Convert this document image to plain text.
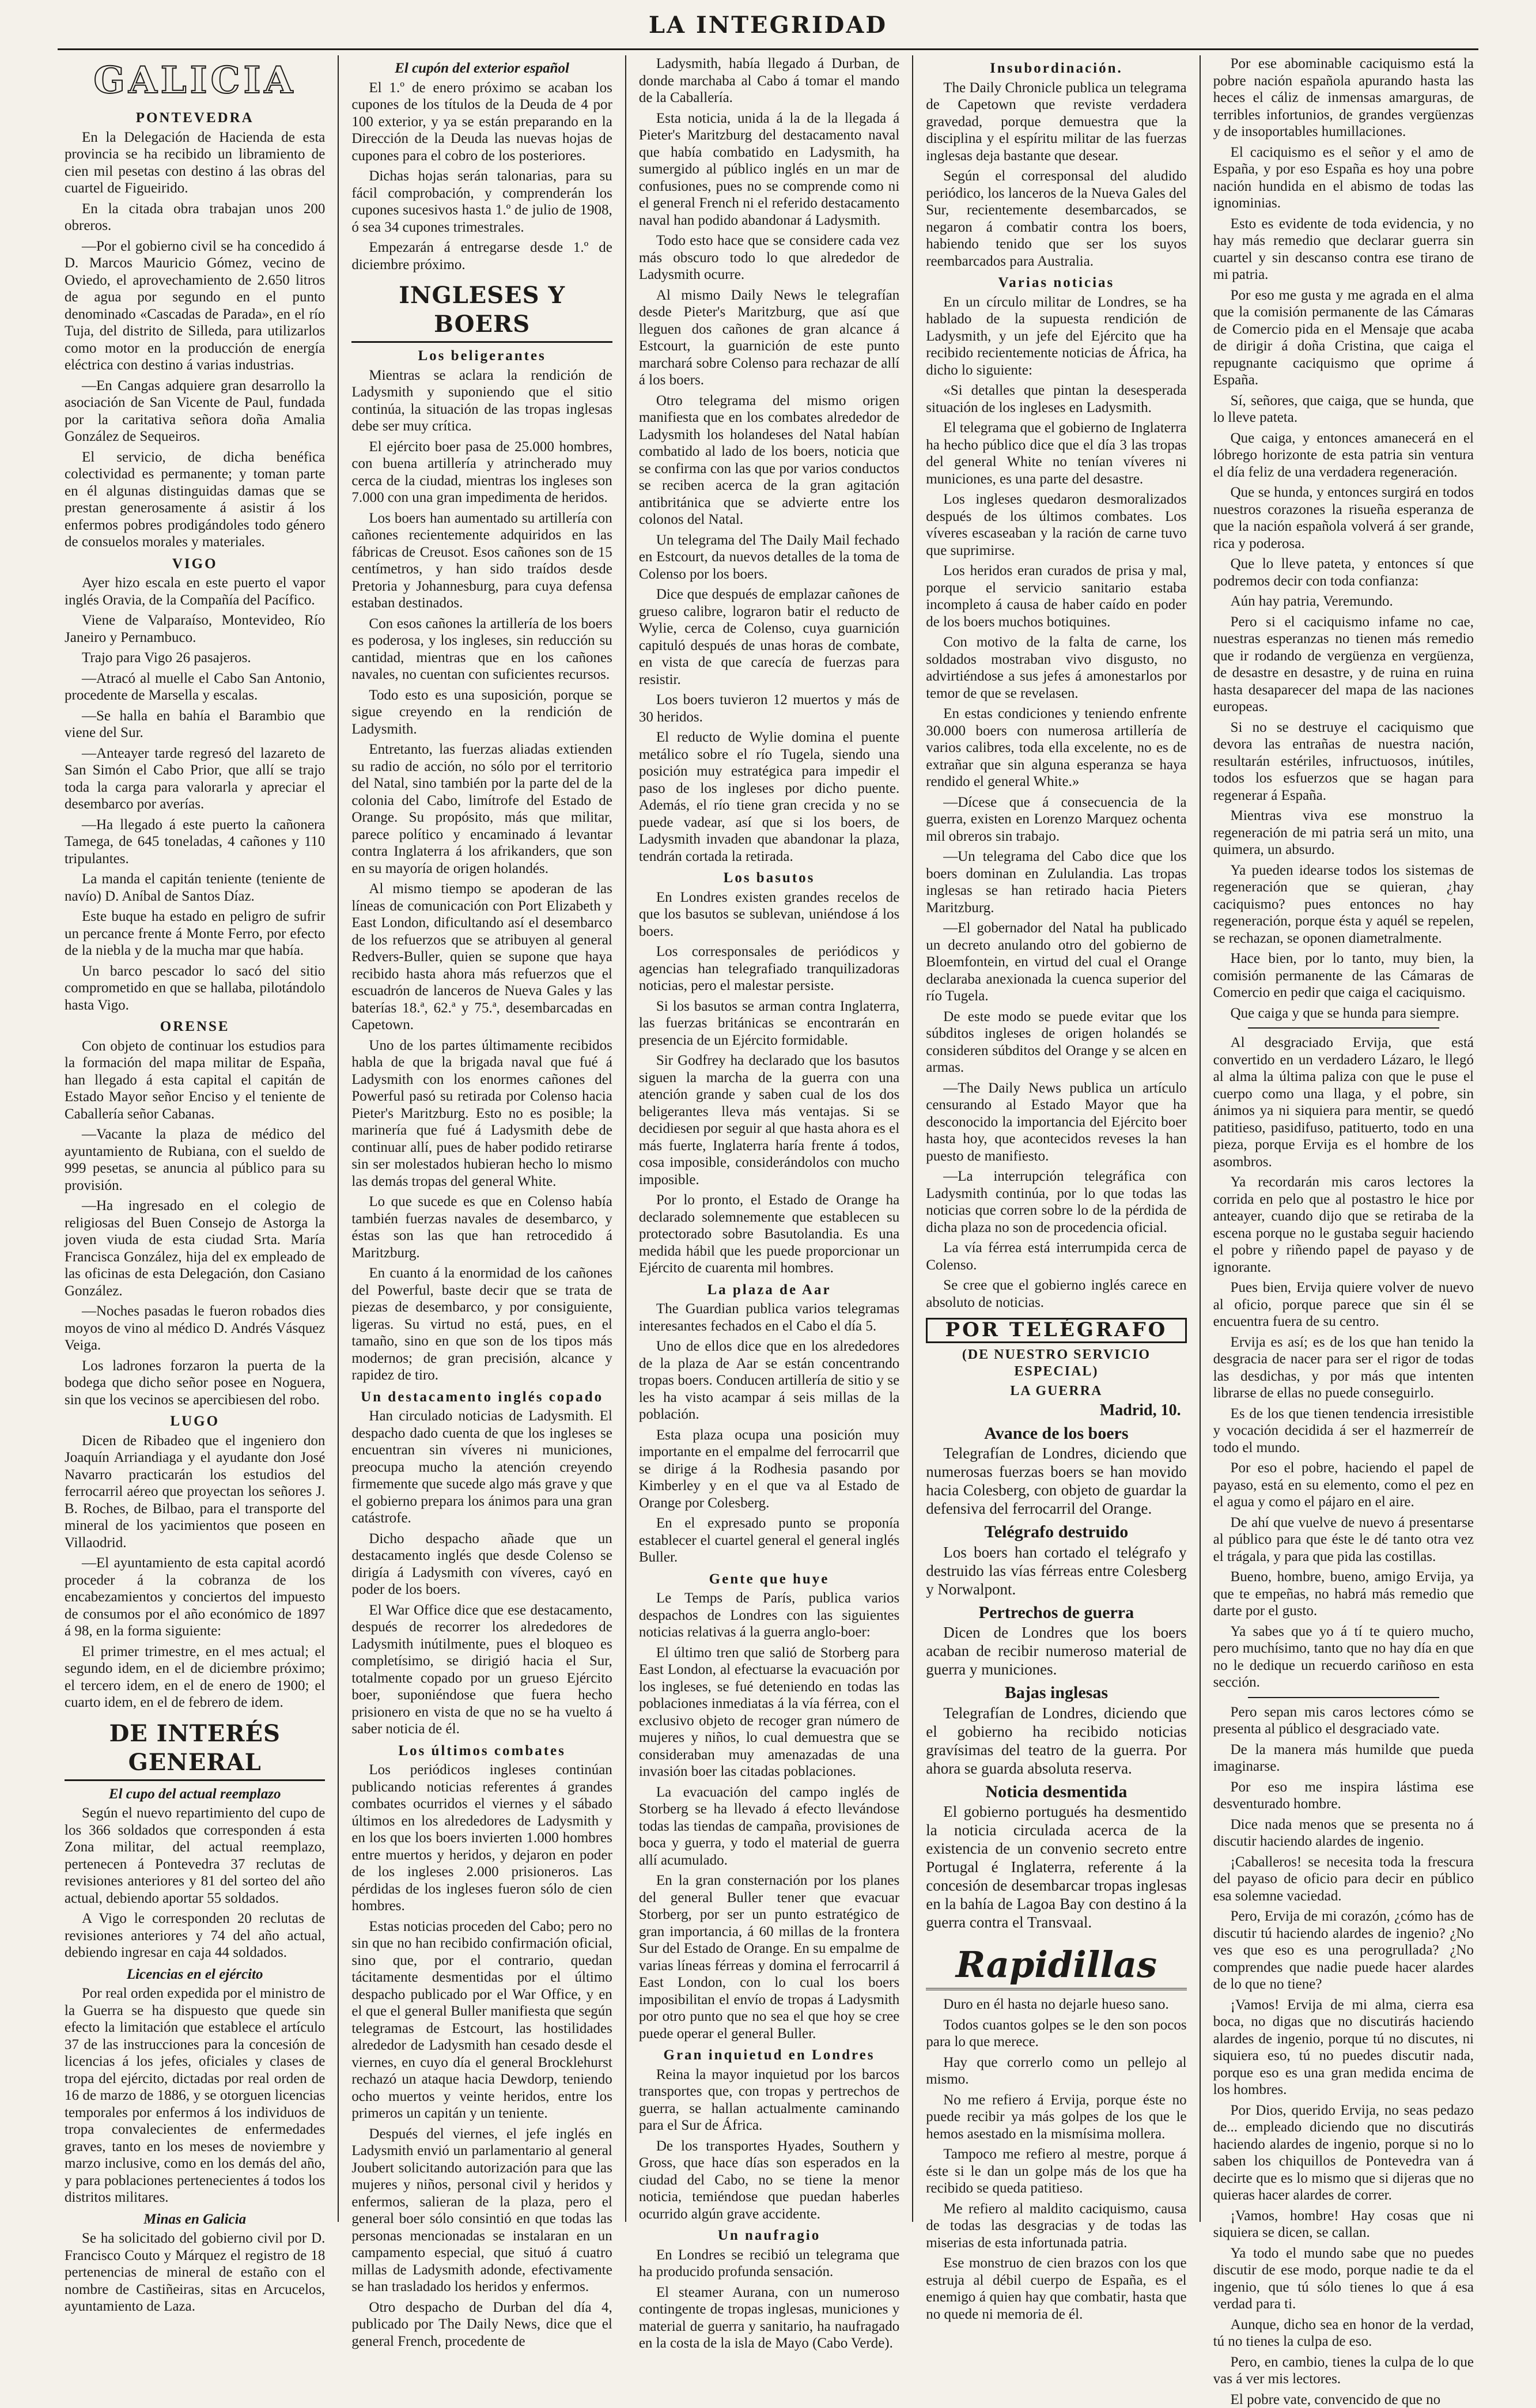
LA INTEGRIDAD
GALICIA
PONTEVEDRA

En la Delegación de Hacienda de esta provincia se ha recibido un libramiento de cien mil pesetas con destino á las obras del cuartel de Figueirido.

En la citada obra trabajan unos 200 obreros.

—Por el gobierno civil se ha concedido á D. Marcos Mauricio Gómez, vecino de Oviedo, el aprovechamiento de 2.650 litros de agua por segundo en el punto denominado «Cascadas de Parada», en el río Tuja, del distrito de Silleda, para utilizarlos como motor en la producción de energía eléctrica con destino á varias industrias.

—En Cangas adquiere gran desarrollo la asociación de San Vicente de Paul, fundada por la caritativa señora doña Amalia González de Sequeiros.

El servicio, de dicha benéfica colectividad es permanente; y toman parte en él algunas distinguidas damas que se prestan generosamente á asistir á los enfermos pobres prodigándoles todo género de consuelos morales y materiales.

VIGO

Ayer hizo escala en este puerto el vapor inglés Oravia, de la Compañía del Pacífico.

Viene de Valparaíso, Montevideo, Río Janeiro y Pernambuco.

Trajo para Vigo 26 pasajeros.

—Atracó al muelle el Cabo San Antonio, procedente de Marsella y escalas.

—Se halla en bahía el Barambio que viene del Sur.

—Anteayer tarde regresó del lazareto de San Simón el Cabo Prior, que allí se trajo toda la carga para valorarla y apreciar el desembarco por averías.

—Ha llegado á este puerto la cañonera Tamega, de 645 toneladas, 4 cañones y 110 tripulantes.

La manda el capitán teniente (teniente de navío) D. Aníbal de Santos Díaz.

Este buque ha estado en peligro de sufrir un percance frente á Monte Ferro, por efecto de la niebla y de la mucha mar que había.

Un barco pescador lo sacó del sitio comprometido en que se hallaba, pilotándolo hasta Vigo.

ORENSE

Con objeto de continuar los estudios para la formación del mapa militar de España, han llegado á esta capital el capitán de Estado Mayor señor Enciso y el teniente de Caballería señor Cabanas.

—Vacante la plaza de médico del ayuntamiento de Rubiana, con el sueldo de 999 pesetas, se anuncia al público para su provisión.

—Ha ingresado en el colegio de religiosas del Buen Consejo de Astorga la joven viuda de esta ciudad Srta. María Francisca González, hija del ex empleado de las oficinas de esta Delegación, don Casiano González.

—Noches pasadas le fueron robados dies moyos de vino al médico D. Andrés Vásquez Veiga.

Los ladrones forzaron la puerta de la bodega que dicho señor posee en Noguera, sin que los vecinos se apercibiesen del robo.

LUGO

Dicen de Ribadeo que el ingeniero don Joaquín Arriandiaga y el ayudante don José Navarro practicarán los estudios del ferrocarril aéreo que proyectan los señores J. B. Roches, de Bilbao, para el transporte del mineral de los yacimientos que poseen en Villaodrid.

—El ayuntamiento de esta capital acordó proceder á la cobranza de los encabezamientos y conciertos del impuesto de consumos por el año económico de 1897 á 98, en la forma siguiente:

El primer trimestre, en el mes actual; el segundo idem, en el de diciembre próximo; el tercero idem, en el de enero de 1900; el cuarto idem, en el de febrero de idem.

DE INTERÉS GENERAL
El cupo del actual reemplazo

Según el nuevo repartimiento del cupo de los 366 soldados que corresponden á esta Zona militar, del actual reemplazo, pertenecen á Pontevedra 37 reclutas de revisiones anteriores y 81 del sorteo del año actual, debiendo aportar 55 soldados.

A Vigo le corresponden 20 reclutas de revisiones anteriores y 74 del año actual, debiendo ingresar en caja 44 soldados.

Licencias en el ejército

Por real orden expedida por el ministro de la Guerra se ha dispuesto que quede sin efecto la limitación que establece el artículo 37 de las instrucciones para la concesión de licencias á los jefes, oficiales y clases de tropa del ejército, dictadas por real orden de 16 de marzo de 1886, y se otorguen licencias temporales por enfermos á los individuos de tropa convalecientes de enfermedades graves, tanto en los meses de noviembre y marzo inclusive, como en los demás del año, y para poblaciones pertenecientes á todos los distritos militares.

Minas en Galicia

Se ha solicitado del gobierno civil por D. Francisco Couto y Márquez el registro de 18 pertenencias de mineral de estaño con el nombre de Castiñeiras, sitas en Arcucelos, ayuntamiento de Laza.

El cupón del exterior español

El 1.º de enero próximo se acaban los cupones de los títulos de la Deuda de 4 por 100 exterior, y ya se están preparando en la Dirección de la Deuda las nuevas hojas de cupones para el cobro de los posteriores.

Dichas hojas serán talonarias, para su fácil comprobación, y comprenderán los cupones sucesivos hasta 1.º de julio de 1908, ó sea 34 cupones trimestrales.

Empezarán á entregarse desde 1.º de diciembre próximo.

INGLESES Y BOERS
Los beligerantes

Mientras se aclara la rendición de Ladysmith y suponiendo que el sitio continúa, la situación de las tropas inglesas debe ser muy crítica.

El ejército boer pasa de 25.000 hombres, con buena artillería y atrincherado muy cerca de la ciudad, mientras los ingleses son 7.000 con una gran impedimenta de heridos.

Los boers han aumentado su artillería con cañones recientemente adquiridos en las fábricas de Creusot. Esos cañones son de 15 centímetros, y han sido traídos desde Pretoria y Johannesburg, para cuya defensa estaban destinados.

Con esos cañones la artillería de los boers es poderosa, y los ingleses, sin reducción su cantidad, mientras que en los cañones navales, no cuentan con suficientes recursos.

Todo esto es una suposición, porque se sigue creyendo en la rendición de Ladysmith.

Entretanto, las fuerzas aliadas extienden su radio de acción, no sólo por el territorio del Natal, sino también por la parte del de la colonia del Cabo, limítrofe del Estado de Orange. Su propósito, más que militar, parece político y encaminado á levantar contra Inglaterra á los afrikanders, que son en su mayoría de origen holandés.

Al mismo tiempo se apoderan de las líneas de comunicación con Port Elizabeth y East London, dificultando así el desembarco de los refuerzos que se atribuyen al general Redvers-Buller, quien se supone que haya recibido hasta ahora más refuerzos que el escuadrón de lanceros de Nueva Gales y las baterías 18.ª, 62.ª y 75.ª, desembarcadas en Capetown.

Uno de los partes últimamente recibidos habla de que la brigada naval que fué á Ladysmith con los enormes cañones del Powerful pasó su retirada por Colenso hacia Pieter's Maritzburg. Esto no es posible; la marinería que fué á Ladysmith debe de continuar allí, pues de haber podido retirarse sin ser molestados hubieran hecho lo mismo las demás tropas del general White.

Lo que sucede es que en Colenso había también fuerzas navales de desembarco, y éstas son las que han retrocedido á Maritzburg.

En cuanto á la enormidad de los cañones del Powerful, baste decir que se trata de piezas de desembarco, y por consiguiente, ligeras. Su virtud no está, pues, en el tamaño, sino en que son de los tipos más modernos; de gran precisión, alcance y rapidez de tiro.

Un destacamento inglés copado

Han circulado noticias de Ladysmith. El despacho dado cuenta de que los ingleses se encuentran sin víveres ni municiones, preocupa mucho la atención creyendo firmemente que sucede algo más grave y que el gobierno prepara los ánimos para una gran catástrofe.

Dicho despacho añade que un destacamento inglés que desde Colenso se dirigía á Ladysmith con víveres, cayó en poder de los boers.

El War Office dice que ese destacamento, después de recorrer los alrededores de Ladysmith inútilmente, pues el bloqueo es completísimo, se dirigió hacia el Sur, totalmente copado por un grueso Ejército boer, suponiéndose que fuera hecho prisionero en vista de que no se ha vuelto á saber noticia de él.

Los últimos combates

Los periódicos ingleses continúan publicando noticias referentes á grandes combates ocurridos el viernes y el sábado últimos en los alrededores de Ladysmith y en los que los boers invierten 1.000 hombres entre muertos y heridos, y dejaron en poder de los ingleses 2.000 prisioneros. Las pérdidas de los ingleses fueron sólo de cien hombres.

Estas noticias proceden del Cabo; pero no sin que no han recibido confirmación oficial, sino que, por el contrario, quedan tácitamente desmentidas por el último despacho publicado por el War Office, y en el que el general Buller manifiesta que según telegramas de Estcourt, las hostilidades alrededor de Ladysmith han cesado desde el viernes, en cuyo día el general Brocklehurst rechazó un ataque hacia Dewdorp, teniendo ocho muertos y veinte heridos, entre los primeros un capitán y un teniente.

Después del viernes, el jefe inglés en Ladysmith envió un parlamentario al general Joubert solicitando autorización para que las mujeres y niños, personal civil y heridos y enfermos, salieran de la plaza, pero el general boer sólo consintió en que todas las personas mencionadas se instalaran en un campamento especial, que situó á cuatro millas de Ladysmith adonde, efectivamente se han trasladado los heridos y enfermos.

Otro despacho de Durban del día 4, publicado por The Daily News, dice que el general French, procedente de

Ladysmith, había llegado á Durban, de donde marchaba al Cabo á tomar el mando de la Caballería.

Esta noticia, unida á la de la llegada á Pieter's Maritzburg del destacamento naval que había combatido en Ladysmith, ha sumergido al público inglés en un mar de confusiones, pues no se comprende como ni el general French ni el referido destacamento naval han podido abandonar á Ladysmith.

Todo esto hace que se considere cada vez más obscuro todo lo que alrededor de Ladysmith ocurre.

Al mismo Daily News le telegrafían desde Pieter's Maritzburg, que así que lleguen dos cañones de gran alcance á Estcourt, la guarnición de este punto marchará sobre Colenso para rechazar de allí á los boers.

Otro telegrama del mismo origen manifiesta que en los combates alrededor de Ladysmith los holandeses del Natal habían combatido al lado de los boers, noticia que se confirma con las que por varios conductos se reciben acerca de la gran agitación antibritánica que se advierte entre los colonos del Natal.

Un telegrama del The Daily Mail fechado en Estcourt, da nuevos detalles de la toma de Colenso por los boers.

Dice que después de emplazar cañones de grueso calibre, lograron batir el reducto de Wylie, cerca de Colenso, cuya guarnición capituló después de unas horas de combate, en vista de que carecía de fuerzas para resistir.

Los boers tuvieron 12 muertos y más de 30 heridos.

El reducto de Wylie domina el puente metálico sobre el río Tugela, siendo una posición muy estratégica para impedir el paso de los ingleses por dicho puente. Además, el río tiene gran crecida y no se puede vadear, así que si los boers, de Ladysmith invaden que abandonar la plaza, tendrán cortada la retirada.

Los basutos

En Londres existen grandes recelos de que los basutos se sublevan, uniéndose á los boers.

Los corresponsales de periódicos y agencias han telegrafiado tranquilizadoras noticias, pero el malestar persiste.

Si los basutos se arman contra Inglaterra, las fuerzas británicas se encontrarán en presencia de un Ejército formidable.

Sir Godfrey ha declarado que los basutos siguen la marcha de la guerra con una atención grande y saben cual de los dos beligerantes lleva más ventajas. Si se decidiesen por seguir al que hasta ahora es el más fuerte, Inglaterra haría frente á todos, cosa imposible, considerándolos con mucho imposible.

Por lo pronto, el Estado de Orange ha declarado solemnemente que establecen su protectorado sobre Basutolandia. Es una medida hábil que les puede proporcionar un Ejército de cuarenta mil hombres.

La plaza de Aar

The Guardian publica varios telegramas interesantes fechados en el Cabo el día 5.

Uno de ellos dice que en los alrededores de la plaza de Aar se están concentrando tropas boers. Conducen artillería de sitio y se les ha visto acampar á seis millas de la población.

Esta plaza ocupa una posición muy importante en el empalme del ferrocarril que se dirige á la Rodhesia pasando por Kimberley y en el que va al Estado de Orange por Colesberg.

En el expresado punto se proponía establecer el cuartel general el general inglés Buller.

Gente que huye

Le Temps de París, publica varios despachos de Londres con las siguientes noticias relativas á la guerra anglo-boer:

El último tren que salió de Storberg para East London, al efectuarse la evacuación por los ingleses, se fué deteniendo en todas las poblaciones inmediatas á la vía férrea, con el exclusivo objeto de recoger gran número de mujeres y niños, lo cual demuestra que se consideraban muy amenazadas de una invasión boer las citadas poblaciones.

La evacuación del campo inglés de Storberg se ha llevado á efecto llevándose todas las tiendas de campaña, provisiones de boca y guerra, y todo el material de guerra allí acumulado.

En la gran consternación por los planes del general Buller tener que evacuar Storberg, por ser un punto estratégico de gran importancia, á 60 millas de la frontera Sur del Estado de Orange. En su empalme de varias líneas férreas y domina el ferrocarril á East London, con lo cual los boers imposibilitan el envío de tropas á Ladysmith por otro punto que no sea el que hoy se cree puede operar el general Buller.

Gran inquietud en Londres

Reina la mayor inquietud por los barcos transportes que, con tropas y pertrechos de guerra, se hallan actualmente caminando para el Sur de África.

De los transportes Hyades, Southern y Gross, que hace días son esperados en la ciudad del Cabo, no se tiene la menor noticia, temiéndose que puedan haberles ocurrido algún grave accidente.

Un naufragio

En Londres se recibió un telegrama que ha producido profunda sensación.

El steamer Aurana, con un numeroso contingente de tropas inglesas, municiones y material de guerra y sanitario, ha naufragado en la costa de la isla de Mayo (Cabo Verde).

Insubordinación.

The Daily Chronicle publica un telegrama de Capetown que reviste verdadera gravedad, porque demuestra que la disciplina y el espíritu militar de las fuerzas inglesas deja bastante que desear.

Según el corresponsal del aludido periódico, los lanceros de la Nueva Gales del Sur, recientemente desembarcados, se negaron á combatir contra los boers, habiendo tenido que ser los suyos reembarcados para Australia.

Varias noticias

En un círculo militar de Londres, se ha hablado de la supuesta rendición de Ladysmith, y un jefe del Ejército que ha recibido recientemente noticias de África, ha dicho lo siguiente:

«Si detalles que pintan la desesperada situación de los ingleses en Ladysmith.

El telegrama que el gobierno de Inglaterra ha hecho público dice que el día 3 las tropas del general White no tenían víveres ni municiones, es una parte del desastre.

Los ingleses quedaron desmoralizados después de los últimos combates. Los víveres escaseaban y la ración de carne tuvo que suprimirse.

Los heridos eran curados de prisa y mal, porque el servicio sanitario estaba incompleto á causa de haber caído en poder de los boers muchos botiquines.

Con motivo de la falta de carne, los soldados mostraban vivo disgusto, no advirtiéndose a sus jefes á amonestarlos por temor de que se revelasen.

En estas condiciones y teniendo enfrente 30.000 boers con numerosa artillería de varios calibres, toda ella excelente, no es de extrañar que sin alguna esperanza se haya rendido el general White.»

—Dícese que á consecuencia de la guerra, existen en Lorenzo Marquez ochenta mil obreros sin trabajo.

—Un telegrama del Cabo dice que los boers dominan en Zululandia. Las tropas inglesas se han retirado hacia Pieters Maritzburg.

—El gobernador del Natal ha publicado un decreto anulando otro del gobierno de Bloemfontein, en virtud del cual el Orange declaraba anexionada la cuenca superior del río Tugela.

De este modo se puede evitar que los súbditos ingleses de origen holandés se consideren súbditos del Orange y se alcen en armas.

—The Daily News publica un artículo censurando al Estado Mayor que ha desconocido la importancia del Ejército boer hasta hoy, que acontecidos reveses la han puesto de manifiesto.

—La interrupción telegráfica con Ladysmith continúa, por lo que todas las noticias que corren sobre lo de la pérdida de dicha plaza no son de procedencia oficial.

La vía férrea está interrumpida cerca de Colenso.

Se cree que el gobierno inglés carece en absoluto de noticias.

POR TELÉGRAFO
(DE NUESTRO SERVICIO ESPECIAL)
LA GUERRA
Madrid, 10.
Avance de los boers

Telegrafían de Londres, diciendo que numerosas fuerzas boers se han movido hacia Colesberg, con objeto de guardar la defensiva del ferrocarril del Orange.

Telégrafo destruido

Los boers han cortado el telégrafo y destruido las vías férreas entre Colesberg y Norwalpont.

Pertrechos de guerra

Dicen de Londres que los boers acaban de recibir numeroso material de guerra y municiones.

Bajas inglesas

Telegrafían de Londres, diciendo que el gobierno ha recibido noticias gravísimas del teatro de la guerra. Por ahora se guarda absoluta reserva.

Noticia desmentida

El gobierno portugués ha desmentido la noticia circulada acerca de la existencia de un convenio secreto entre Portugal é Inglaterra, referente á la concesión de desembarcar tropas inglesas en la bahía de Lagoa Bay con destino á la guerra contra el Transvaal.

Rapidillas

Duro en él hasta no dejarle hueso sano.

Todos cuantos golpes se le den son pocos para lo que merece.

Hay que correrlo como un pellejo al mismo.

No me refiero á Ervija, porque éste no puede recibir ya más golpes de los que le hemos asestado en la mismísima mollera.

Tampoco me refiero al mestre, porque á éste si le dan un golpe más de los que ha recibido se queda patitieso.

Me refiero al maldito caciquismo, causa de todas las desgracias y de todas las miserias de esta infortunada patria.

Ese monstruo de cien brazos con los que estruja al débil cuerpo de España, es el enemigo á quien hay que combatir, hasta que no quede ni memoria de él.

Por ese abominable caciquismo está la pobre nación española apurando hasta las heces el cáliz de inmensas amarguras, de terribles infortunios, de grandes vergüenzas y de insoportables humillaciones.

El caciquismo es el señor y el amo de España, y por eso España es hoy una pobre nación hundida en el abismo de todas las ignominias.

Esto es evidente de toda evidencia, y no hay más remedio que declarar guerra sin cuartel y sin descanso contra ese tirano de mi patria.

Por eso me gusta y me agrada en el alma que la comisión permanente de las Cámaras de Comercio pida en el Mensaje que acaba de dirigir á doña Cristina, que caiga el repugnante caciquismo que oprime á España.

Sí, señores, que caiga, que se hunda, que lo lleve pateta.

Que caiga, y entonces amanecerá en el lóbrego horizonte de esta patria sin ventura el día feliz de una verdadera regeneración.

Que se hunda, y entonces surgirá en todos nuestros corazones la risueña esperanza de que la nación española volverá á ser grande, rica y poderosa.

Que lo lleve pateta, y entonces sí que podremos decir con toda confianza:

Aún hay patria, Veremundo.

Pero si el caciquismo infame no cae, nuestras esperanzas no tienen más remedio que ir rodando de vergüenza en vergüenza, de desastre en desastre, y de ruina en ruina hasta desaparecer del mapa de las naciones europeas.

Si no se destruye el caciquismo que devora las entrañas de nuestra nación, resultarán estériles, infructuosos, inútiles, todos los esfuerzos que se hagan para regenerar á España.

Mientras viva ese monstruo la regeneración de mi patria será un mito, una quimera, un absurdo.

Ya pueden idearse todos los sistemas de regeneración que se quieran, ¿hay caciquismo? pues entonces no hay regeneración, porque ésta y aquél se repelen, se rechazan, se oponen diametralmente.

Hace bien, por lo tanto, muy bien, la comisión permanente de las Cámaras de Comercio en pedir que caiga el caciquismo.

Que caiga y que se hunda para siempre.

Al desgraciado Ervija, que está convertido en un verdadero Lázaro, le llegó al alma la última paliza con que le puse el cuerpo como una llaga, y el pobre, sin ánimos ya ni siquiera para mentir, se quedó patitieso, pasidifuso, patituerto, todo en una pieza, porque Ervija es el hombre de los asombros.

Ya recordarán mis caros lectores la corrida en pelo que al postastro le hice por anteayer, cuando dijo que se retiraba de la escena porque no le gustaba seguir haciendo el pobre y riñendo papel de payaso y de ignorante.

Pues bien, Ervija quiere volver de nuevo al oficio, porque parece que sin él se encuentra fuera de su centro.

Ervija es así; es de los que han tenido la desgracia de nacer para ser el rigor de todas las desdichas, y por más que intenten librarse de ellas no puede conseguirlo.

Es de los que tienen tendencia irresistible y vocación decidida á ser el hazmerreír de todo el mundo.

Por eso el pobre, haciendo el papel de payaso, está en su elemento, como el pez en el agua y como el pájaro en el aire.

De ahí que vuelve de nuevo á presentarse al público para que éste le dé tanto otra vez el trágala, y para que pida las costillas.

Bueno, hombre, bueno, amigo Ervija, ya que te empeñas, no habrá más remedio que darte por el gusto.

Ya sabes que yo á tí te quiero mucho, pero muchísimo, tanto que no hay día en que no le dedique un recuerdo cariñoso en esta sección.

Pero sepan mis caros lectores cómo se presenta al público el desgraciado vate.

De la manera más humilde que pueda imaginarse.

Por eso me inspira lástima ese desventurado hombre.

Dice nada menos que se presenta no á discutir haciendo alardes de ingenio.

¡Caballeros! se necesita toda la frescura del payaso de oficio para decir en público esa solemne vaciedad.

Pero, Ervija de mi corazón, ¿cómo has de discutir tú haciendo alardes de ingenio? ¿No ves que eso es una perogrullada? ¿No comprendes que nadie puede hacer alardes de lo que no tiene?

¡Vamos! Ervija de mi alma, cierra esa boca, no digas que no discutirás haciendo alardes de ingenio, porque tú no discutes, ni siquiera eso, tú no puedes discutir nada, porque eso es una gran medida encima de los hombres.

Por Dios, querido Ervija, no seas pedazo de... empleado diciendo que no discutirás haciendo alardes de ingenio, porque si no lo saben los chiquillos de Pontevedra van á decirte que es lo mismo que si dijeras que no quieras hacer alardes de correr.

¡Vamos, hombre! Hay cosas que ni siquiera se dicen, se callan.

Ya todo el mundo sabe que no puedes discutir de ese modo, porque nadie te da el ingenio, que tú sólo tienes lo que á esa verdad para ti.

Aunque, dicho sea en honor de la verdad, tú no tienes la culpa de eso.

Pero, en cambio, tienes la culpa de lo que vas á ver mis lectores.

El pobre vate, convencido de que no
